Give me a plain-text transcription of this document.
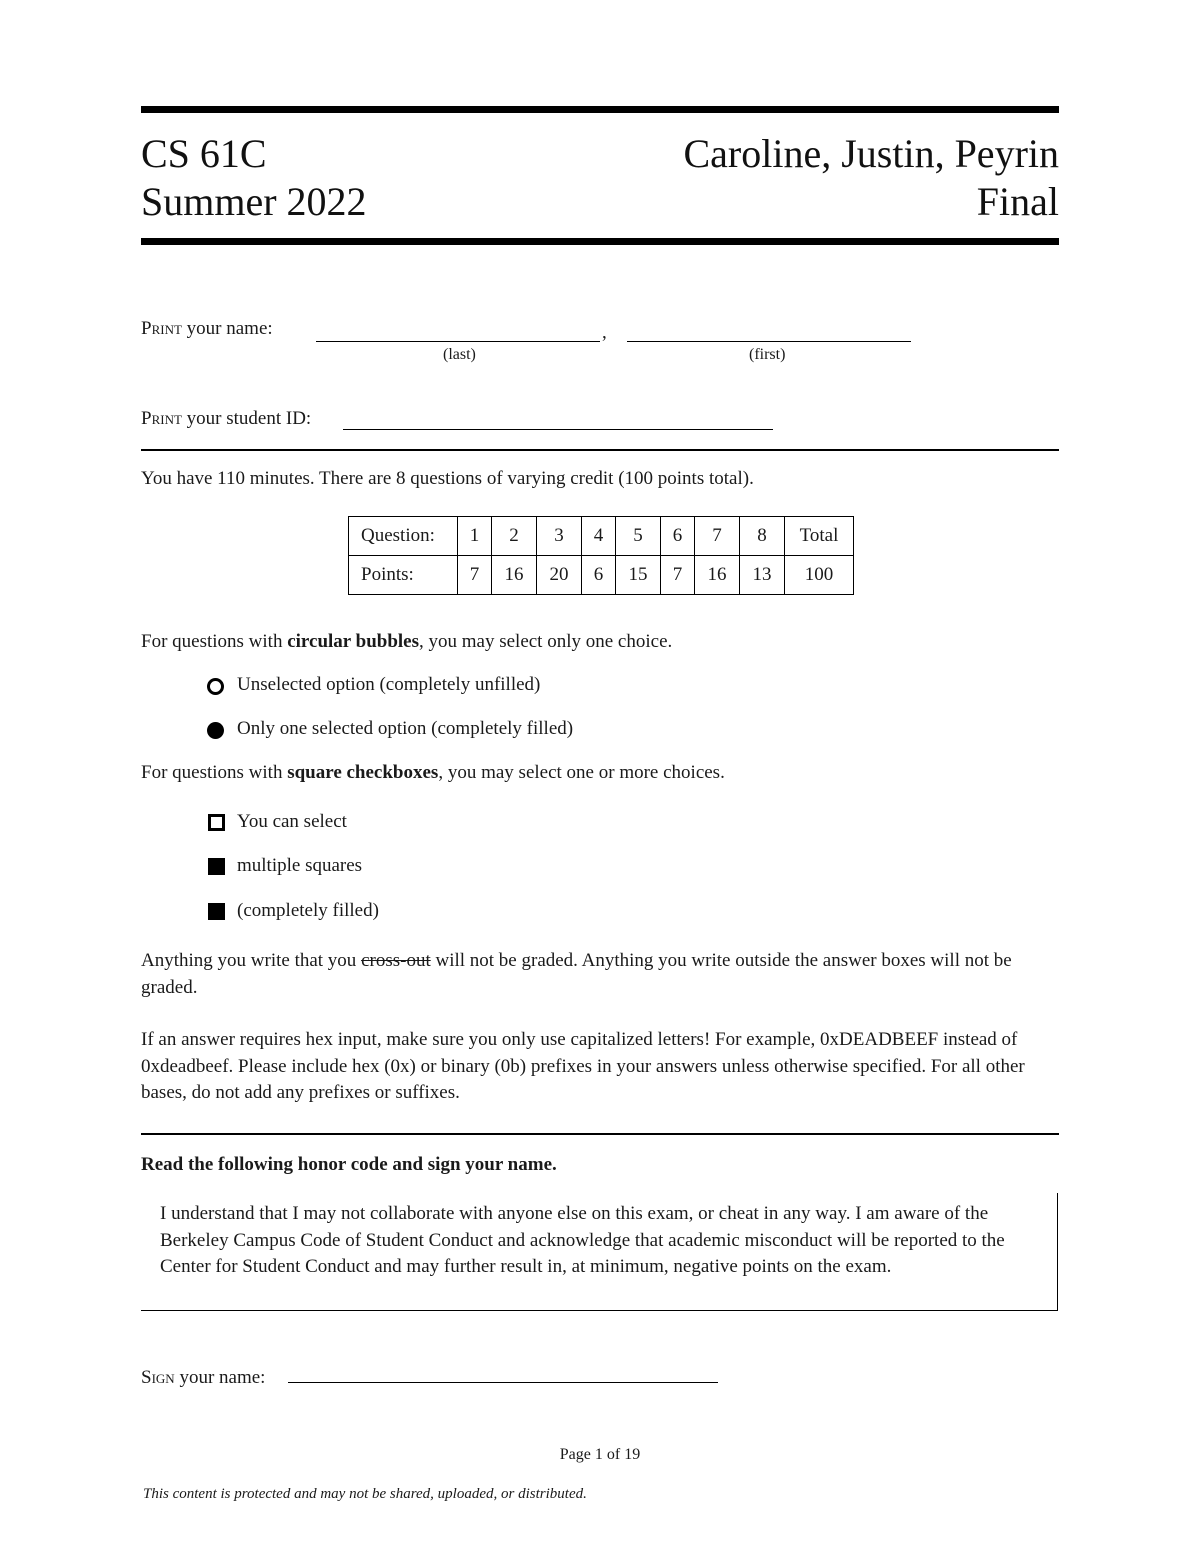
CS 61C	Caroline, Justin, Peyrin
Summer 2022	Final
Print your name:	,
(last)	(first)
Print your student ID:
You have 110 minutes. There are 8 questions of varying credit (100 points total).
Question:	1	2	3	4	5	6	7	8	Total
Points:	7	16	20	6	15	7	16	13	100
For questions with circular bubbles, you may select only one choice.
Unselected option (completely unfilled)
Only one selected option (completely filled)
For questions with square checkboxes, you may select one or more choices.
You can select
multiple squares
(completely filled)
Anything you write that you cross-out will not be graded. Anything you write outside the answer boxes will not be graded.
If an answer requires hex input, make sure you only use capitalized letters! For example, 0xDEADBEEF instead of 0xdeadbeef. Please include hex (0x) or binary (0b) prefixes in your answers unless otherwise specified. For all other bases, do not add any prefixes or suffixes.
Read the following honor code and sign your name.

I understand that I may not collaborate with anyone else on this exam, or cheat in any way. I am aware of the Berkeley Campus Code of Student Conduct and acknowledge that academic misconduct will be reported to the Center for Student Conduct and may further result in, at minimum, negative points on the exam.

Sign your name:
Page 1 of 19
This content is protected and may not be shared, uploaded, or distributed.
